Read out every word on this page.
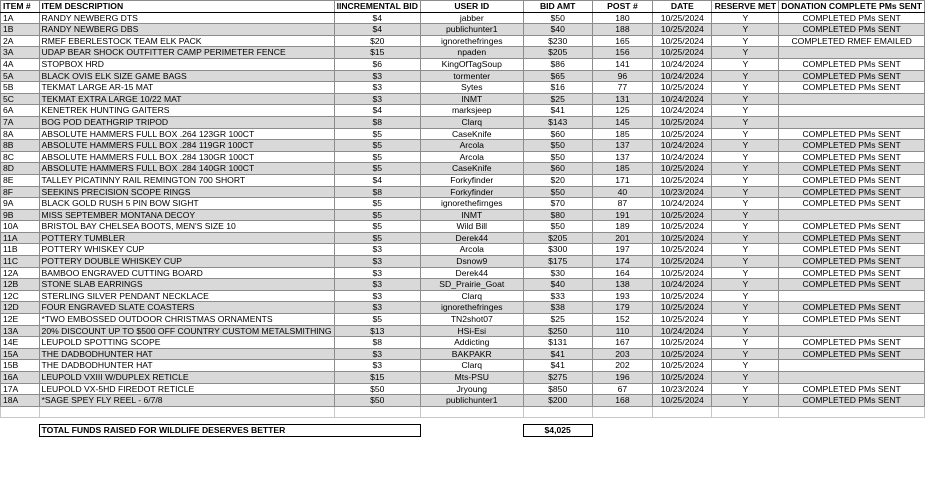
ITEM #	ITEM DESCRIPTION	IINCREMENTAL BID	USER ID	BID AMT	POST #	DATE	RESERVE MET	DONATION COMPLETE PMs SENT
1A	RANDY NEWBERG DTS	$4	jabber	$50	180	10/25/2024	Y	COMPLETED PMs SENT
1B	RANDY NEWBERG DBS	$4	publichunter1	$40	188	10/25/2024	Y	COMPLETED PMs SENT
2A	RMEF EBERLESTOCK TEAM ELK PACK	$20	ignorethefringes	$230	165	10/25/2024	Y	COMPLETED RMEF EMAILED
3A	UDAP BEAR SHOCK OUTFITTER CAMP PERIMETER FENCE	$15	npaden	$205	156	10/25/2024	Y	
4A	STOPBOX HRD	$6	KingOfTagSoup	$86	141	10/24/2024	Y	COMPLETED PMs SENT
5A	BLACK OVIS ELK SIZE GAME BAGS	$3	tormenter	$65	96	10/24/2024	Y	COMPLETED PMs SENT
5B	TEKMAT LARGE AR-15 MAT	$3	Sytes	$16	77	10/25/2024	Y	COMPLETED PMs SENT
5C	TEKMAT EXTRA LARGE 10/22 MAT	$3	INMT	$25	131	10/24/2024	Y	
6A	KENETREK HUNTING GAITERS	$4	marksjeep	$41	125	10/24/2024	Y	
7A	BOG POD DEATHGRIP TRIPOD	$8	Clarq	$143	145	10/25/2024	Y	
8A	ABSOLUTE HAMMERS FULL BOX .264 123GR 100CT	$5	CaseKnife	$60	185	10/25/2024	Y	COMPLETED PMs SENT
8B	ABSOLUTE HAMMERS FULL BOX .284 119GR 100CT	$5	Arcola	$50	137	10/24/2024	Y	COMPLETED PMs SENT
8C	ABSOLUTE HAMMERS FULL BOX .284 130GR 100CT	$5	Arcola	$50	137	10/24/2024	Y	COMPLETED PMs SENT
8D	ABSOLUTE HAMMERS FULL BOX .284 140GR 100CT	$5	CaseKnife	$60	185	10/25/2024	Y	COMPLETED PMs SENT
8E	TALLEY PICATINNY RAIL REMINGTON 700 SHORT	$4	Forkyfinder	$20	171	10/25/2024	Y	COMPLETED PMs SENT
8F	SEEKINS PRECISION SCOPE RINGS	$8	Forkyfinder	$50	40	10/23/2024	Y	COMPLETED PMs SENT
9A	BLACK GOLD RUSH 5 PIN BOW SIGHT	$5	ignorethefirnges	$70	87	10/24/2024	Y	COMPLETED PMs SENT
9B	MISS SEPTEMBER MONTANA DECOY	$5	INMT	$80	191	10/25/2024	Y	
10A	BRISTOL BAY CHELSEA BOOTS, MEN'S SIZE 10	$5	Wild Bill	$50	189	10/25/2024	Y	COMPLETED PMs SENT
11A	POTTERY TUMBLER	$5	Derek44	$205	201	10/25/2024	Y	COMPLETED PMs SENT
11B	POTTERY WHISKEY CUP	$3	Arcola	$300	197	10/25/2024	Y	COMPLETED PMs SENT
11C	POTTERY DOUBLE WHISKEY CUP	$3	Dsnow9	$175	174	10/25/2024	Y	COMPLETED PMs SENT
12A	BAMBOO ENGRAVED CUTTING BOARD	$3	Derek44	$30	164	10/25/2024	Y	COMPLETED PMs SENT
12B	STONE SLAB EARRINGS	$3	SD_Prairie_Goat	$40	138	10/24/2024	Y	COMPLETED PMs SENT
12C	STERLING SILVER PENDANT NECKLACE	$3	Clarq	$33	193	10/25/2024	Y	
12D	FOUR ENGRAVED SLATE COASTERS	$3	ignorethefringes	$38	179	10/25/2024	Y	COMPLETED PMs SENT
12E	*TWO EMBOSSED OUTDOOR CHRISTMAS ORNAMENTS	$5	TN2shot07	$25	152	10/25/2024	Y	COMPLETED PMs SENT
13A	20% DISCOUNT UP TO $500 OFF COUNTRY CUSTOM METALSMITHING	$13	HSi-Esi	$250	110	10/24/2024	Y	
14E	LEUPOLD SPOTTING SCOPE	$8	Addicting	$131	167	10/25/2024	Y	COMPLETED PMs SENT
15A	THE DADBODHUNTER HAT	$3	BAKPAKR	$41	203	10/25/2024	Y	COMPLETED PMs SENT
15B	THE DADBODHUNTER HAT	$3	Clarq	$41	202	10/25/2024	Y	
16A	LEUPOLD VXIII W/DUPLEX RETICLE	$15	Mts-PSU	$275	196	10/25/2024	Y	
17A	LEUPOLD VX-5HD FIREDOT RETICLE	$50	Jryoung	$850	67	10/23/2024	Y	COMPLETED PMs SENT
18A	*SAGE SPEY FLY REEL - 6/7/8	$50	publichunter1	$200	168	10/25/2024	Y	COMPLETED PMs SENT

	TOTAL FUNDS RAISED FOR WILDLIFE DESERVES BETTER			$4,025				
